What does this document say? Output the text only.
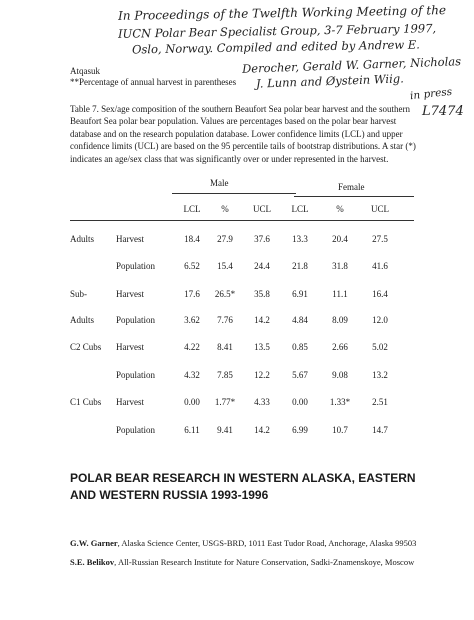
In Proceedings of the Twelfth Working Meeting of the
IUCN Polar Bear Specialist Group, 3-7 February 1997,
Oslo, Norway. Compiled and edited by Andrew E.
Derocher, Gerald W. Garner, Nicholas
J. Lunn and Øystein Wiig.
in press
L7474
Atqasuk
**Percentage of annual harvest in parentheses

Table 7. Sex/age composition of the southern Beaufort Sea polar bear harvest and the southern Beaufort Sea polar bear population. Values are percentages based on the polar bear harvest database and on the research population database. Lower confidence limits (LCL) and upper confidence limits (UCL) are based on the 95 percentile tails of bootstrap distributions. A star (*) indicates an age/sex class that was significantly over or under represented in the harvest.

Male	Female
LCL	%	UCL	LCL	%	UCL
Adults Harvest	18.4	27.9	37.6	13.3	20.4	27.5
Population	6.52	15.4	24.4	21.8	31.8	41.6
Sub-	Harvest	17.6	26.5*	35.8	6.91	11.1	16.4
Adults Population	3.62	7.76	14.2	4.84	8.09	12.0
C2 Cubs Harvest	4.22	8.41	13.5	0.85	2.66	5.02
Population	4.32	7.85	12.2	5.67	9.08	13.2
C1 Cubs Harvest	0.00	1.77*	4.33	0.00	1.33*	2.51
Population	6.11	9.41	14.2	6.99	10.7	14.7
POLAR BEAR RESEARCH IN WESTERN ALASKA, EASTERN AND WESTERN RUSSIA 1993-1996

G.W. Garner, Alaska Science Center, USGS-BRD, 1011 East Tudor Road, Anchorage, Alaska 99503

S.E. Belikov, All-Russian Research Institute for Nature Conservation, Sadki-Znamenskoye, Moscow
